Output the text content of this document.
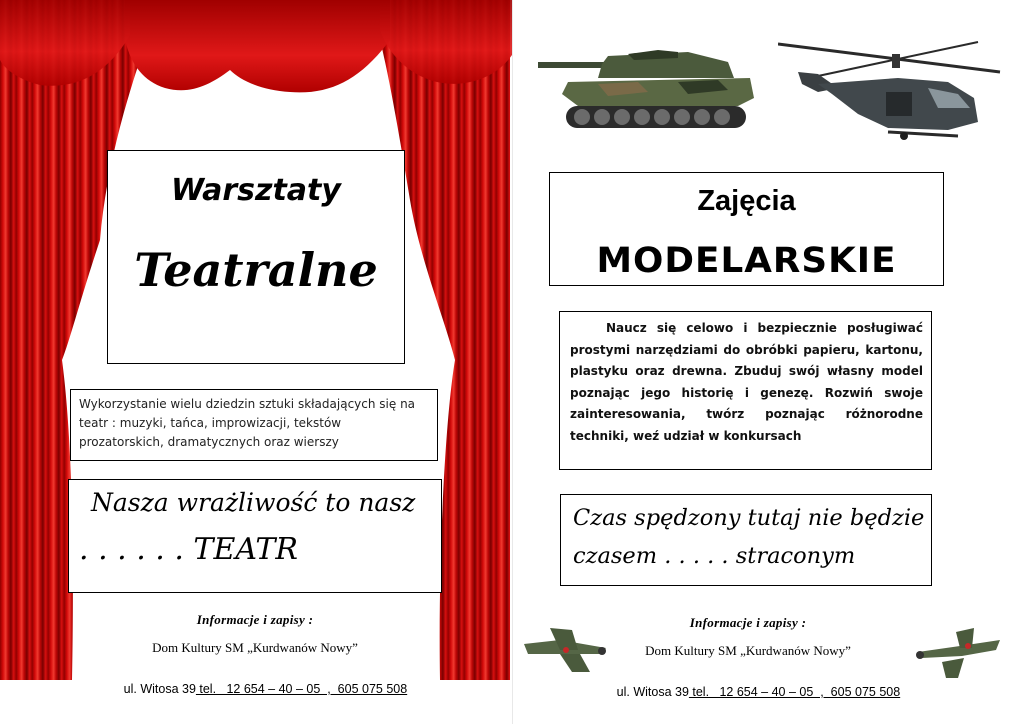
Warsztaty
Teatralne
Wykorzystanie wielu dziedzin sztuki składających się na teatr : muzyki, tańca, improwizacji, tekstów prozatorskich, dramatycznych oraz wierszy
Nasza wrażliwość to nasz
. . . . . . TEATR
Informacje i zapisy :
Dom Kultury SM „Kurdwanów Nowy”

ul. Witosa 39 tel.   12 654 – 40 – 05  ,  605 075 508

Zajęcia
MODELARSKIE
Naucz się celowo i bezpiecznie posługiwać prostymi narzędziami do obróbki papieru, kartonu, plastyku oraz drewna. Zbuduj swój własny model poznając jego historię i genezę. Rozwiń swoje zainteresowania, twórz poznając różnorodne techniki, weź udział w konkursach
Czas spędzony tutaj nie będzie
czasem . . . . . straconym
Informacje i zapisy :
Dom Kultury SM „Kurdwanów Nowy”

ul. Witosa 39 tel.   12 654 – 40 – 05  ,  605 075 508
